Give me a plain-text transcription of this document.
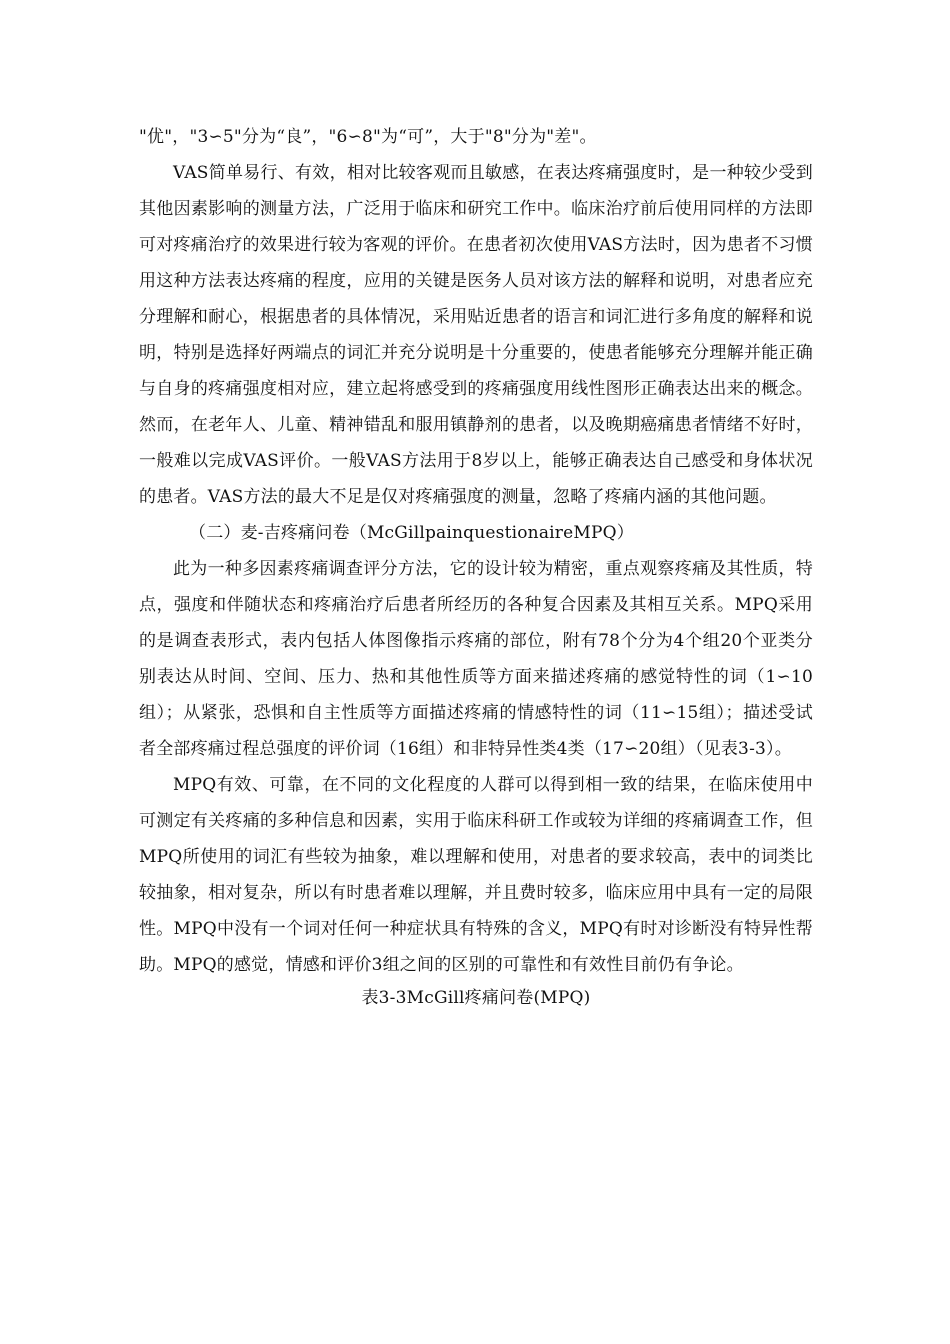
"优"，"3∽5"分为“良”，"6∽8"为“可”，大于"8"分为"差"。

VAS简单易行、有效，相对比较客观而且敏感，在表达疼痛强度时，是一种较少受到其他因素影响的测量方法，广泛用于临床和研究工作中。临床治疗前后使用同样的方法即可对疼痛治疗的效果进行较为客观的评价。在患者初次使用VAS方法时，因为患者不习惯用这种方法表达疼痛的程度，应用的关键是医务人员对该方法的解释和说明，对患者应充分理解和耐心，根据患者的具体情况，采用贴近患者的语言和词汇进行多角度的解释和说明，特别是选择好两端点的词汇并充分说明是十分重要的，使患者能够充分理解并能正确与自身的疼痛强度相对应，建立起将感受到的疼痛强度用线性图形正确表达出来的概念。然而，在老年人、儿童、精神错乱和服用镇静剂的患者，以及晚期癌痛患者情绪不好时，一般难以完成VAS评价。一般VAS方法用于8岁以上，能够正确表达自己感受和身体状况的患者。VAS方法的最大不足是仅对疼痛强度的测量，忽略了疼痛内涵的其他问题。

（二）麦-吉疼痛问卷（McGillpainquestionaireMPQ）

此为一种多因素疼痛调查评分方法，它的设计较为精密，重点观察疼痛及其性质，特点，强度和伴随状态和疼痛治疗后患者所经历的各种复合因素及其相互关系。MPQ采用的是调查表形式，表内包括人体图像指示疼痛的部位，附有78个分为4个组20个亚类分别表达从时间、空间、压力、热和其他性质等方面来描述疼痛的感觉特性的词（1∽10组）；从紧张，恐惧和自主性质等方面描述疼痛的情感特性的词（11∽15组）；描述受试者全部疼痛过程总强度的评价词（16组）和非特异性类4类（17∽20组）（见表3-3）。

MPQ有效、可靠，在不同的文化程度的人群可以得到相一致的结果，在临床使用中可测定有关疼痛的多种信息和因素，实用于临床科研工作或较为详细的疼痛调查工作，但MPQ所使用的词汇有些较为抽象，难以理解和使用，对患者的要求较高，表中的词类比较抽象，相对复杂，所以有时患者难以理解，并且费时较多，临床应用中具有一定的局限性。MPQ中没有一个词对任何一种症状具有特殊的含义，MPQ有时对诊断没有特异性帮助。MPQ的感觉，情感和评价3组之间的区别的可靠性和有效性目前仍有争论。

表3-3McGill疼痛问卷(MPQ)
